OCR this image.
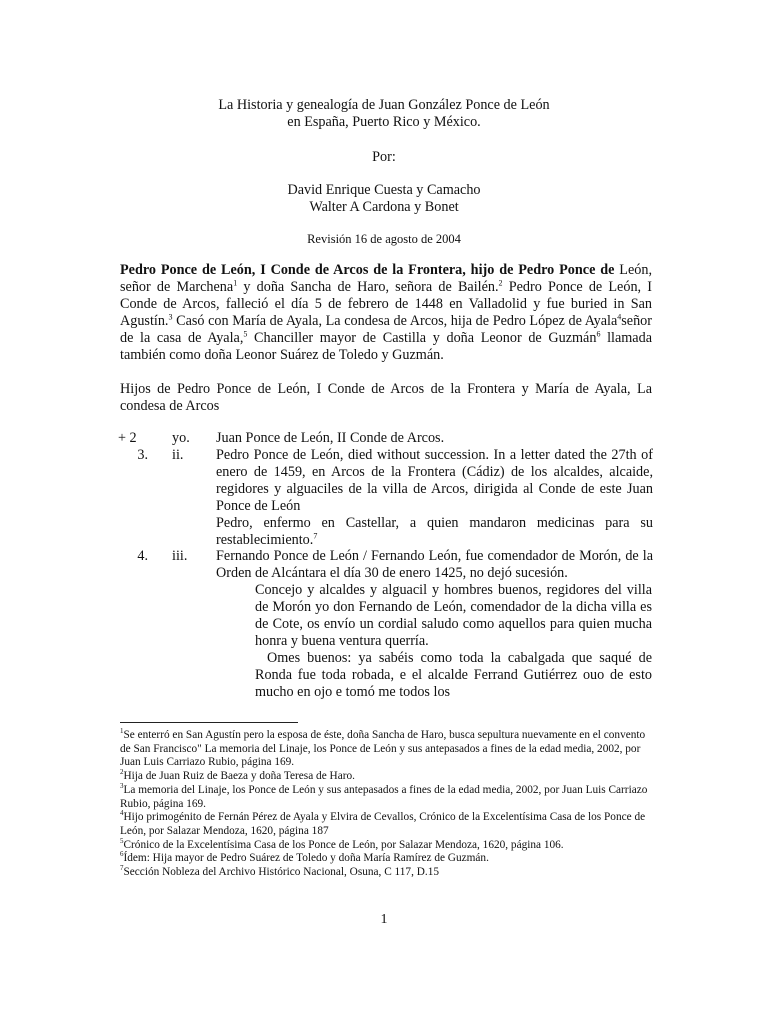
La Historia y genealogía de Juan González Ponce de León
en España, Puerto Rico y México.
Por:
David Enrique Cuesta y Camacho
Walter A Cardona y Bonet
Revisión 16 de agosto de 2004

Pedro Ponce de León, I Conde de Arcos de la Frontera, hijo de Pedro Ponce de León, señor de Marchena$^1$ y doña Sancha de Haro, señora de Bailén.$^2$ Pedro Ponce de León, I Conde de Arcos, falleció el día 5 de febrero de 1448 en Valladolid y fue buried in San Agustín.$^3$ Casó con María de Ayala, La condesa de Arcos, hija de Pedro López de Ayala$^4$señor de la casa de Ayala,$^5$ Chanciller mayor de Castilla y doña Leonor de Guzmán$^6$ llamada también como doña Leonor Suárez de Toledo y Guzmán.

Hijos de Pedro Ponce de León, I Conde de Arcos de la Frontera y María de Ayala, La condesa de Arcos

+ 2	yo. Juan Ponce de León, II Conde de Arcos.

3. ii. Pedro Ponce de León, died without succession. In a letter dated the 27th of enero de 1459, en Arcos de la Frontera (Cádiz) de los alcaldes, alcaide, regidores y alguaciles de la villa de Arcos, dirigida al Conde de este Juan Ponce de León

Pedro, enfermo en Castellar, a quien mandaron medicinas para su restablecimiento.$^7$

4. iii. Fernando Ponce de León / Fernando León, fue comendador de Morón, de la Orden de Alcántara el día 30 de enero 1425, no dejó sucesión.

Concejo y alcaldes y alguacil y hombres buenos, regidores del villa de Morón yo don Fernando de León, comendador de la dicha villa es de Cote, os envío un cordial saludo como aquellos para quien mucha honra y buena ventura querría.

Omes buenos: ya sabéis como toda la cabalgada que saqué de Ronda fue toda robada, e el alcalde Ferrand Gutiérrez ouo de esto mucho en ojo e tomó me todos los

$^1$Se enterró en San Agustín pero la esposa de éste, doña Sancha de Haro, busca sepultura nuevamente en el convento de San Francisco" La memoria del Linaje, los Ponce de León y sus antepasados a fines de la edad media, 2002, por Juan Luis Carriazo Rubio, página 169.

$^2$Hija de Juan Ruiz de Baeza y doña Teresa de Haro.

$^3$La memoria del Linaje, los Ponce de León y sus antepasados a fines de la edad media, 2002, por Juan Luis Carriazo Rubio, página 169.

$^4$Hijo primogénito de Fernán Pérez de Ayala y Elvira de Cevallos, Crónico de la Excelentísima Casa de los Ponce de León, por Salazar Mendoza, 1620, página 187

$^5$Crónico de la Excelentísima Casa de los Ponce de León, por Salazar Mendoza, 1620, página 106.

$^6$Ídem: Hija mayor de Pedro Suárez de Toledo y doña María Ramírez de Guzmán.

$^7$Sección Nobleza del Archivo Histórico Nacional, Osuna, C 117, D.15

1
